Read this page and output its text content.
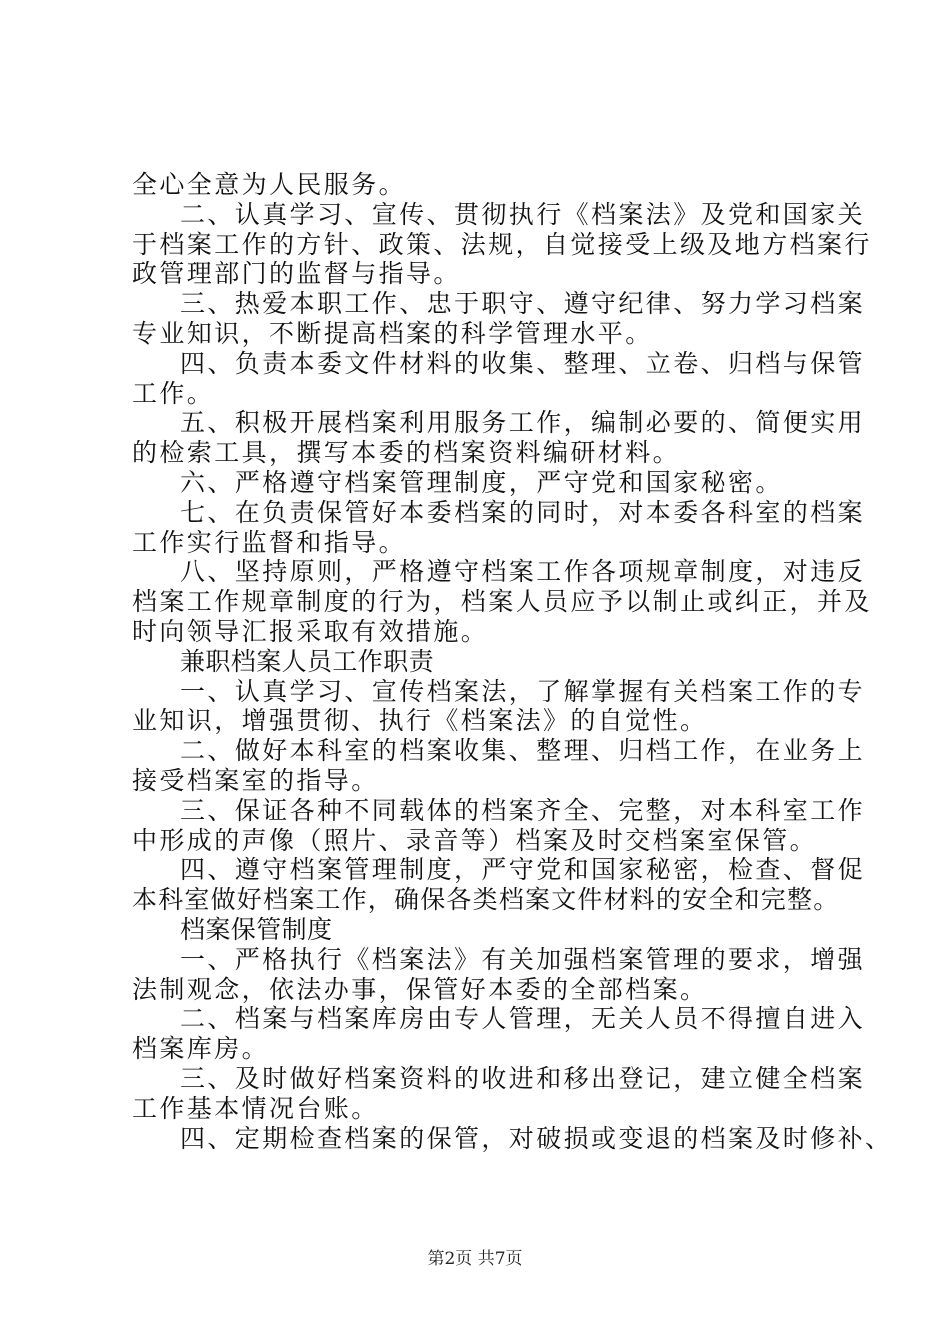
全心全意为人民服务。
二、认真学习、宣传、贯彻执行《档案法》及党和国家关
于档案工作的方针、政策、法规，自觉接受上级及地方档案行
政管理部门的监督与指导。
三、热爱本职工作、忠于职守、遵守纪律、努力学习档案
专业知识，不断提高档案的科学管理水平。
四、负责本委文件材料的收集、整理、立卷、归档与保管
工作。
五、积极开展档案利用服务工作，编制必要的、简便实用
的检索工具，撰写本委的档案资料编研材料。
六、严格遵守档案管理制度，严守党和国家秘密。
七、在负责保管好本委档案的同时，对本委各科室的档案
工作实行监督和指导。
八、坚持原则，严格遵守档案工作各项规章制度，对违反
档案工作规章制度的行为，档案人员应予以制止或纠正，并及
时向领导汇报采取有效措施。
兼职档案人员工作职责
一、认真学习、宣传档案法，了解掌握有关档案工作的专
业知识，增强贯彻、执行《档案法》的自觉性。
二、做好本科室的档案收集、整理、归档工作，在业务上
接受档案室的指导。
三、保证各种不同载体的档案齐全、完整，对本科室工作
中形成的声像（照片、录音等）档案及时交档案室保管。
四、遵守档案管理制度，严守党和国家秘密，检查、督促
本科室做好档案工作，确保各类档案文件材料的安全和完整。
档案保管制度
一、严格执行《档案法》有关加强档案管理的要求，增强
法制观念，依法办事，保管好本委的全部档案。
二、档案与档案库房由专人管理，无关人员不得擅自进入
档案库房。
三、及时做好档案资料的收进和移出登记，建立健全档案
工作基本情况台账。
四、定期检查档案的保管，对破损或变退的档案及时修补、
第2页 共7页
